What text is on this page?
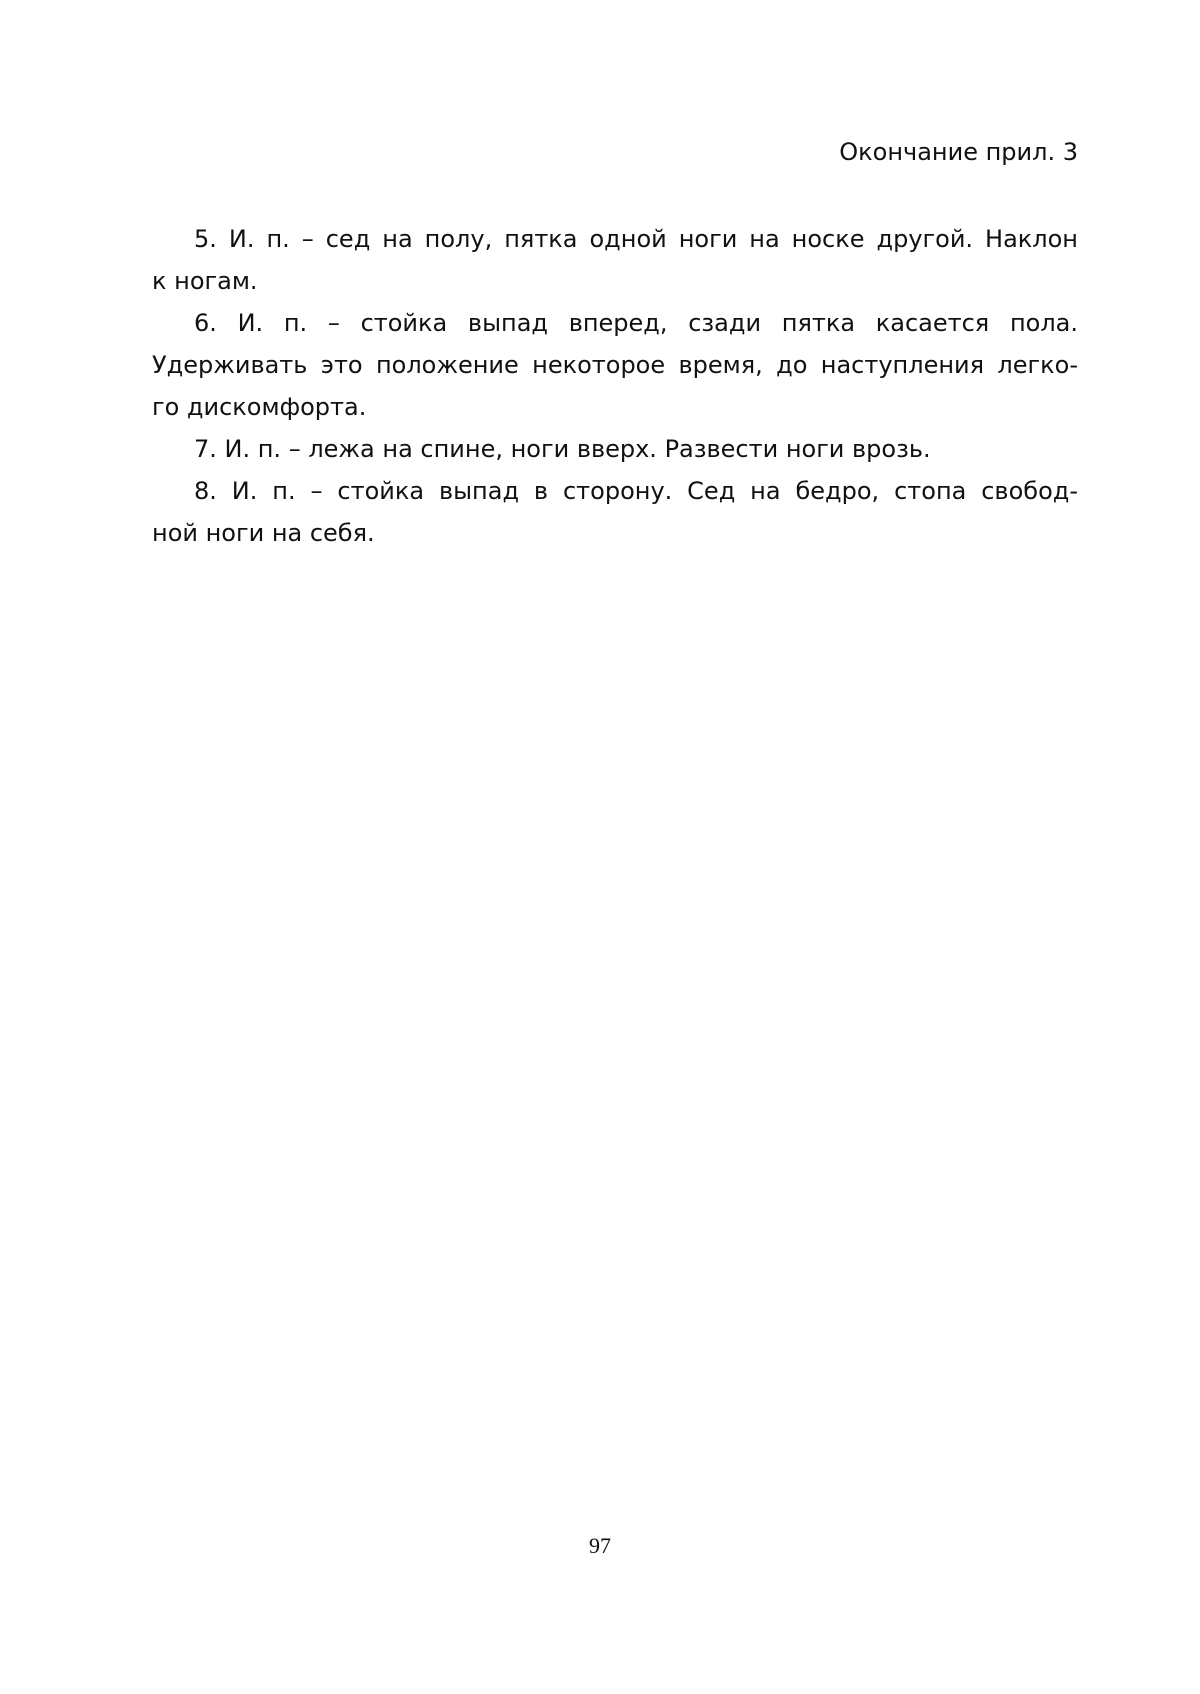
Окончание прил. 3

5. И. п. – сед на полу, пятка одной ноги на носке другой. Наклон
к ногам.

6. И. п. – стойка выпад вперед, сзади пятка касается пола.
Удерживать это положение некоторое время, до наступления легко-
го дискомфорта.

7. И. п. – лежа на спине, ноги вверх. Развести ноги врозь.

8. И. п. – стойка выпад в сторону. Сед на бедро, стопа свобод-
ной ноги на себя.

97
